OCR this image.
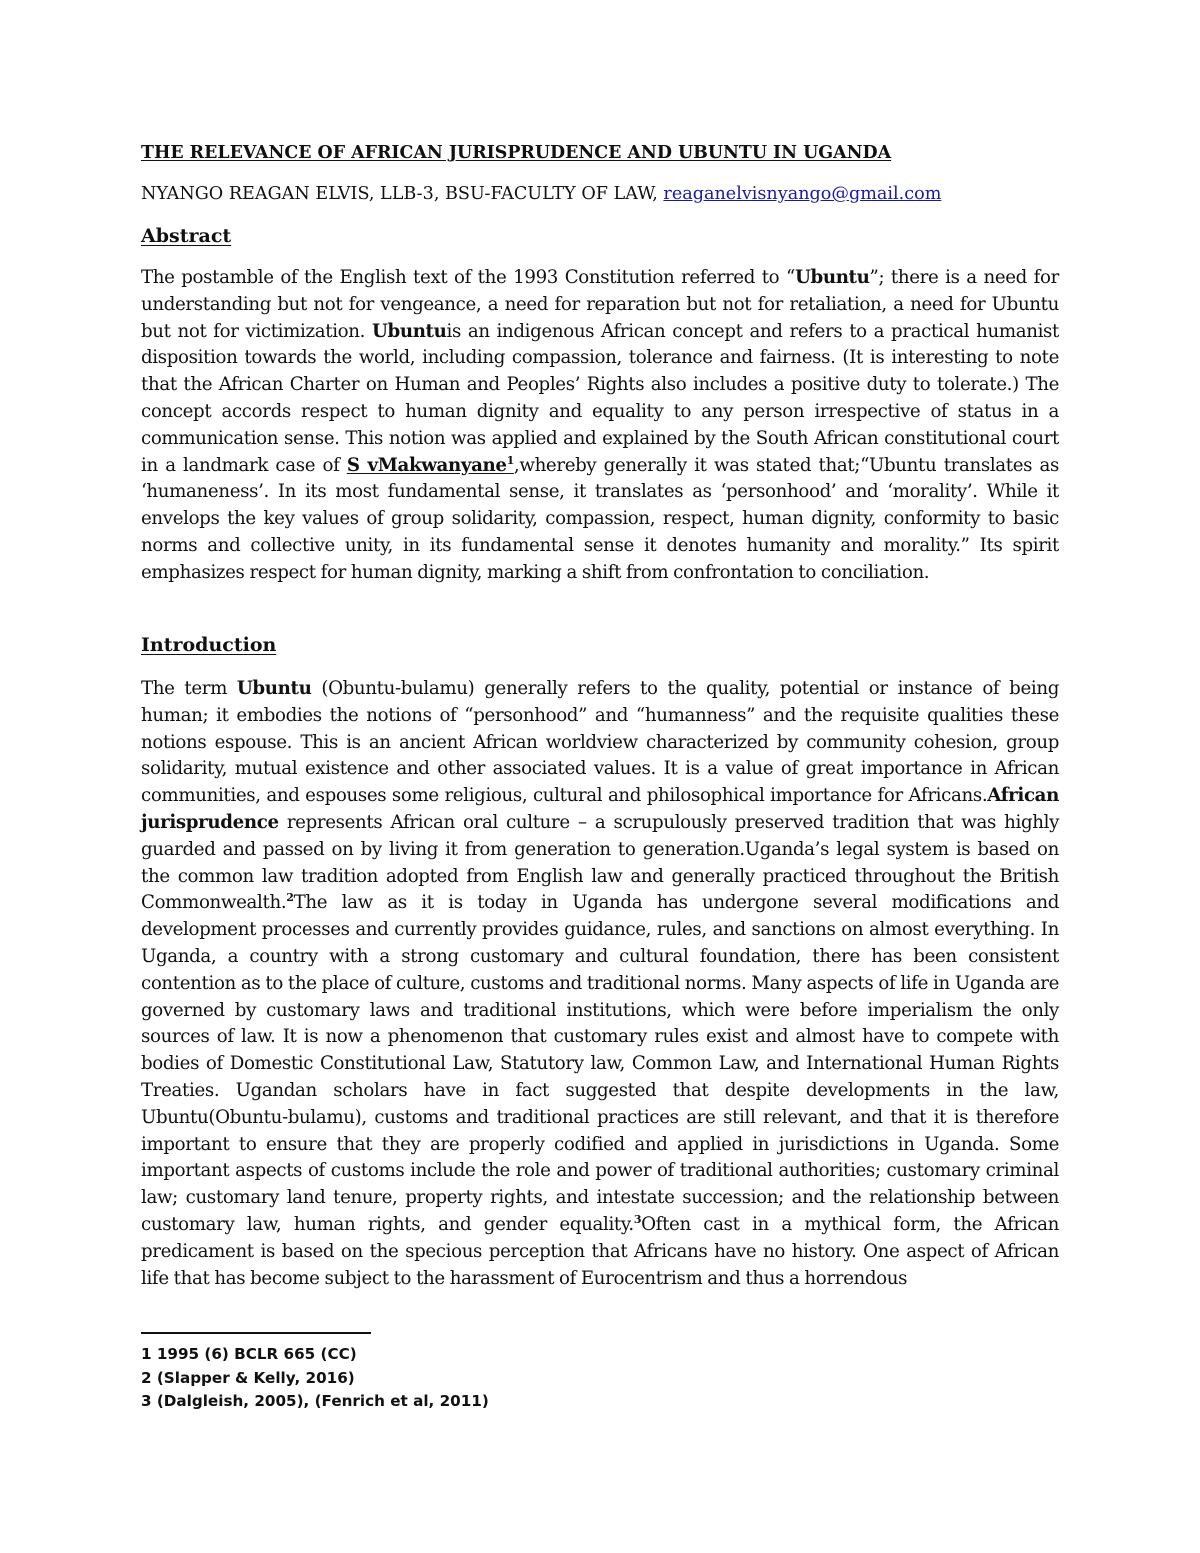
THE RELEVANCE OF AFRICAN JURISPRUDENCE AND UBUNTU IN UGANDA
NYANGO REAGAN ELVIS, LLB-3, BSU-FACULTY OF LAW, reaganelvisnyango@gmail.com
Abstract
The postamble of the English text of the 1993 Constitution referred to “Ubuntu”; there is a need for understanding but not for vengeance, a need for reparation but not for retaliation, a need for Ubuntu but not for victimization. Ubuntuis an indigenous African concept and refers to a practical humanist disposition towards the world, including compassion, tolerance and fairness. (It is interesting to note that the African Charter on Human and Peoples’ Rights also includes a positive duty to tolerate.) The concept accords respect to human dignity and equality to any person irrespective of status in a communication sense. This notion was applied and explained by the South African constitutional court in a landmark case of S vMakwanyane$^1$,whereby generally it was stated that;“Ubuntu translates as ‘humaneness’. In its most fundamental sense, it translates as ‘personhood’ and ‘morality’. While it envelops the key values of group solidarity, compassion, respect, human dignity, conformity to basic norms and collective unity, in its fundamental sense it denotes humanity and morality.” Its spirit emphasizes respect for human dignity, marking a shift from confrontation to conciliation.
Introduction
The term Ubuntu (Obuntu-bulamu) generally refers to the quality, potential or instance of being human; it embodies the notions of “personhood” and “humanness” and the requisite qualities these notions espouse. This is an ancient African worldview characterized by community cohesion, group solidarity, mutual existence and other associated values. It is a value of great importance in African communities, and espouses some religious, cultural and philosophical importance for Africans.African jurisprudence represents African oral culture – a scrupulously preserved tradition that was highly guarded and passed on by living it from generation to generation.Uganda’s legal system is based on the common law tradition adopted from English law and generally practiced throughout the British Commonwealth.$^2$The law as it is today in Uganda has undergone several modifications and development processes and currently provides guidance, rules, and sanctions on almost everything. In Uganda, a country with a strong customary and cultural foundation, there has been consistent contention as to the place of culture, customs and traditional norms. Many aspects of life in Uganda are governed by customary laws and traditional institutions, which were before imperialism the only sources of law. It is now a phenomenon that customary rules exist and almost have to compete with bodies of Domestic Constitutional Law, Statutory law, Common Law, and International Human Rights Treaties. Ugandan scholars have in fact suggested that despite developments in the law, Ubuntu(Obuntu-bulamu), customs and traditional practices are still relevant, and that it is therefore important to ensure that they are properly codified and applied in jurisdictions in Uganda. Some important aspects of customs include the role and power of traditional authorities; customary criminal law; customary land tenure, property rights, and intestate succession; and the relationship between customary law, human rights, and gender equality.$^3$Often cast in a mythical form, the African predicament is based on the specious perception that Africans have no history. One aspect of African life that has become subject to the harassment of Eurocentrism and thus a horrendous
1 1995 (6) BCLR 665 (CC)
2 (Slapper & Kelly, 2016)
3 (Dalgleish, 2005), (Fenrich et al, 2011)
